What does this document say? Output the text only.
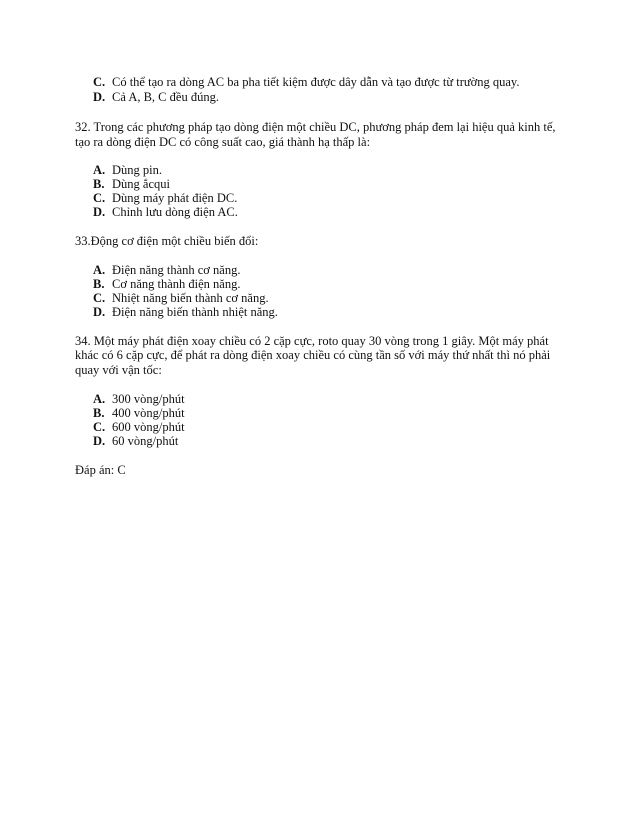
C. Có thể tạo ra dòng AC ba pha tiết kiệm được dây dẫn và tạo được từ trường quay.
D. Cả A, B, C đều đúng.
32. Trong các phương pháp tạo dòng điện một chiều DC, phương pháp đem lại hiệu quả kinh tế,
tạo ra dòng điện DC có công suất cao, giá thành hạ thấp là:
A. Dùng pin.
B. Dùng ắcqui
C. Dùng máy phát điện DC.
D. Chỉnh lưu dòng điện AC.
33.Động cơ điện một chiều biến đổi:
A. Điện năng thành cơ năng.
B. Cơ năng thành điện năng.
C. Nhiệt năng biến thành cơ năng.
D. Điện năng biến thành nhiệt năng.
34. Một máy phát điện xoay chiều có 2 cặp cực, roto quay 30 vòng trong 1 giây. Một máy phát
khác có 6 cặp cực, để phát ra dòng điện xoay chiều có cùng tần số với máy thứ nhất thì nó phải
quay với vận tốc:
A. 300 vòng/phút
B. 400 vòng/phút
C. 600 vòng/phút
D. 60 vòng/phút
Đáp án: C
